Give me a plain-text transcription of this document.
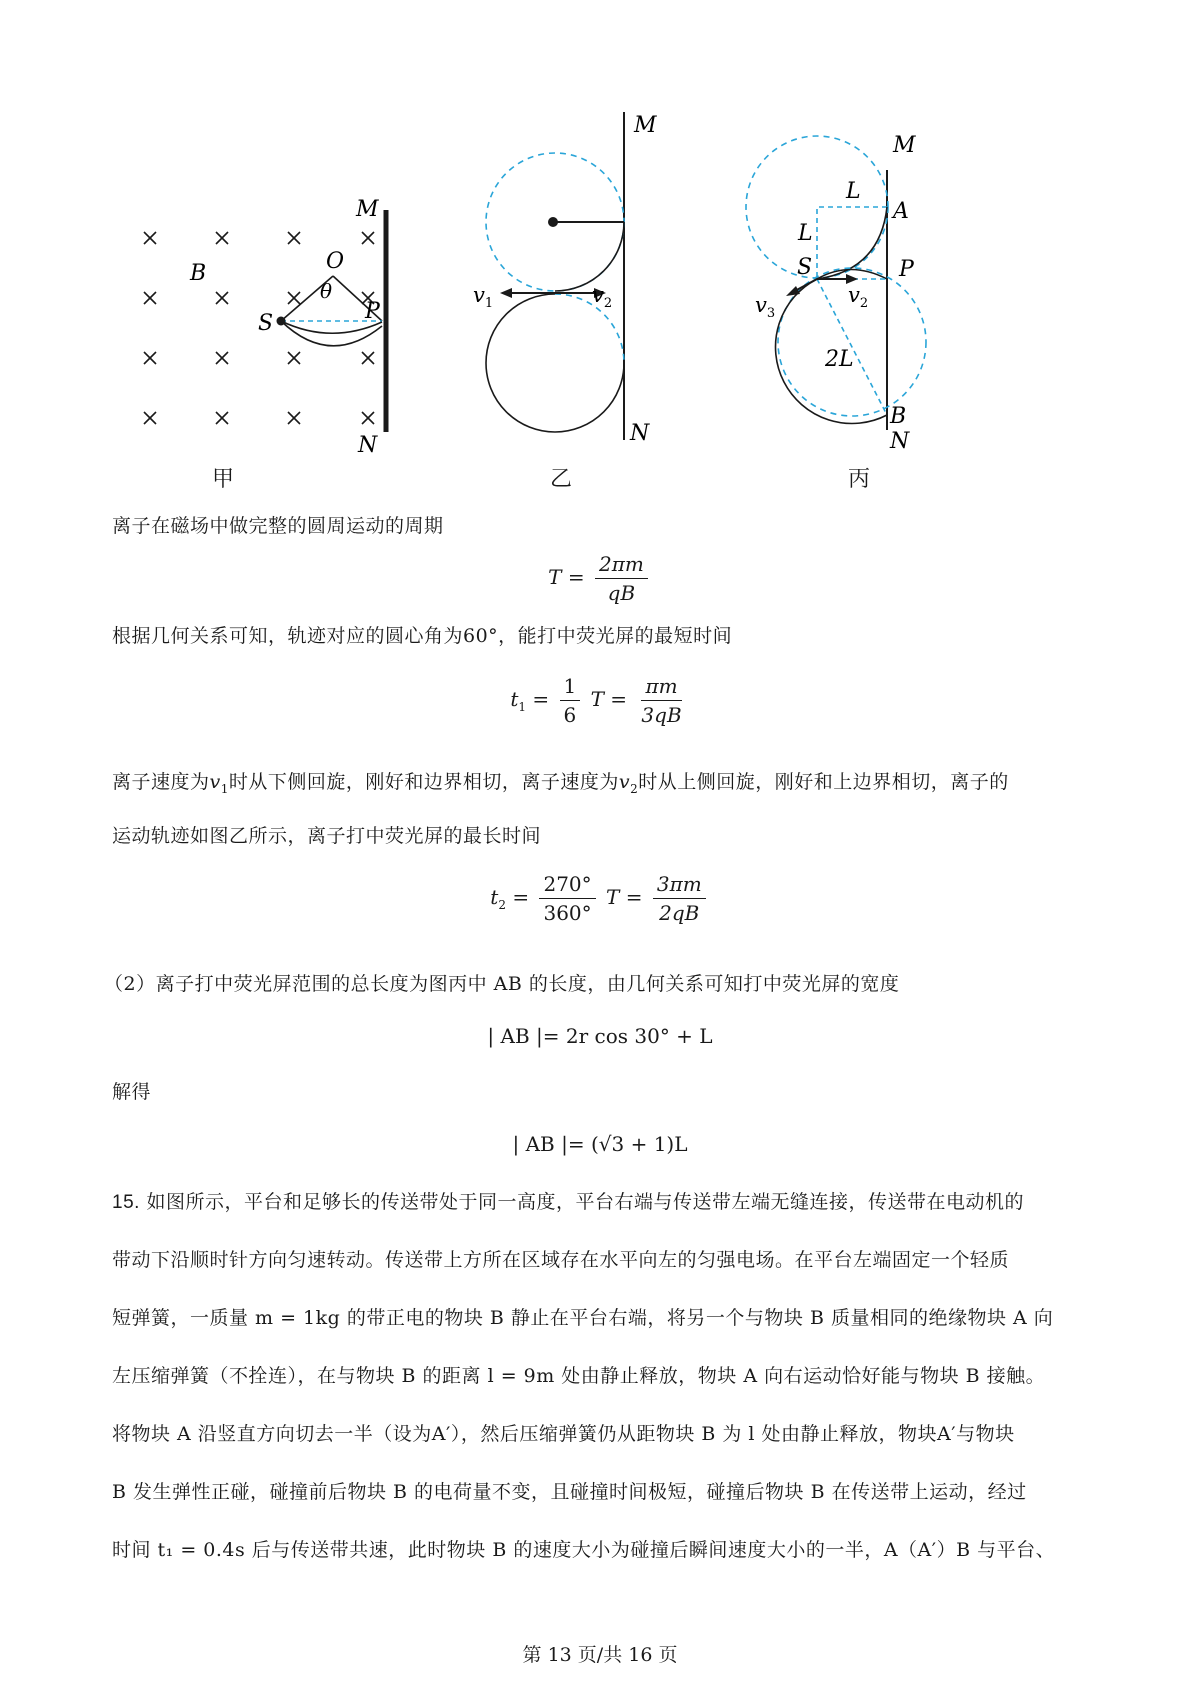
B	O
θ
S	P
M
N
$v_1$	$v_2$
M
N
M
N
A
B
P
S
L
L
2L
$v_2$
$v_3$
甲	乙	丙
离子在磁场中做完整的圆周运动的周期
$T = \frac{2\pi m}{qB}$
根据几何关系可知，轨迹对应的圆心角为60°，能打中荧光屏的最短时间
$t_1 = \frac{1}{6}$ $T = \frac{\pi m}{3qB}$
离子速度为$v_1$时从下侧回旋，刚好和边界相切，离子速度为$v_2$时从上侧回旋，刚好和上边界相切，离子的
运动轨迹如图乙所示，离子打中荧光屏的最长时间
$t_2 = \frac{270^\circ}{360^\circ}$ $T = \frac{3\pi m}{2qB}$
（2）离子打中荧光屏范围的总长度为图丙中 AB 的长度，由几何关系可知打中荧光屏的宽度
| AB |= 2r cos 30° + L
解得
| AB |= (√3 + 1)L
15. 如图所示，平台和足够长的传送带处于同一高度，平台右端与传送带左端无缝连接，传送带在电动机的
带动下沿顺时针方向匀速转动。传送带上方所在区域存在水平向左的匀强电场。在平台左端固定一个轻质
短弹簧，一质量 m = 1kg 的带正电的物块 B 静止在平台右端，将另一个与物块 B 质量相同的绝缘物块 A 向
左压缩弹簧（不拴连），在与物块 B 的距离 l = 9m 处由静止释放，物块 A 向右运动恰好能与物块 B 接触。
将物块 A 沿竖直方向切去一半（设为A′），然后压缩弹簧仍从距物块 B 为 l 处由静止释放，物块A′与物块
B 发生弹性正碰，碰撞前后物块 B 的电荷量不变，且碰撞时间极短，碰撞后物块 B 在传送带上运动，经过
时间 t₁ = 0.4s 后与传送带共速，此时物块 B 的速度大小为碰撞后瞬间速度大小的一半，A（A′）B 与平台、
第 13 页/共 16 页
